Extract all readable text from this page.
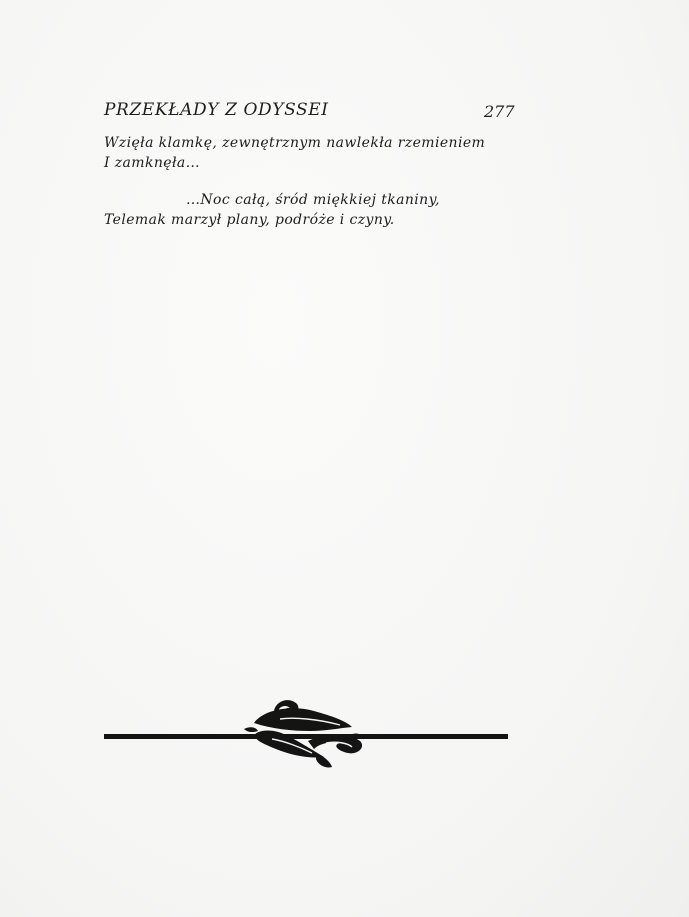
PRZEKŁADY Z ODYSSEI	277
Wzięła klamkę, zewnętrznym nawlekła rzemieniem
I zamknęła…
…Noc całą, śród miękkiej tkaniny,
Telemak marzył plany, podróże i czyny.
